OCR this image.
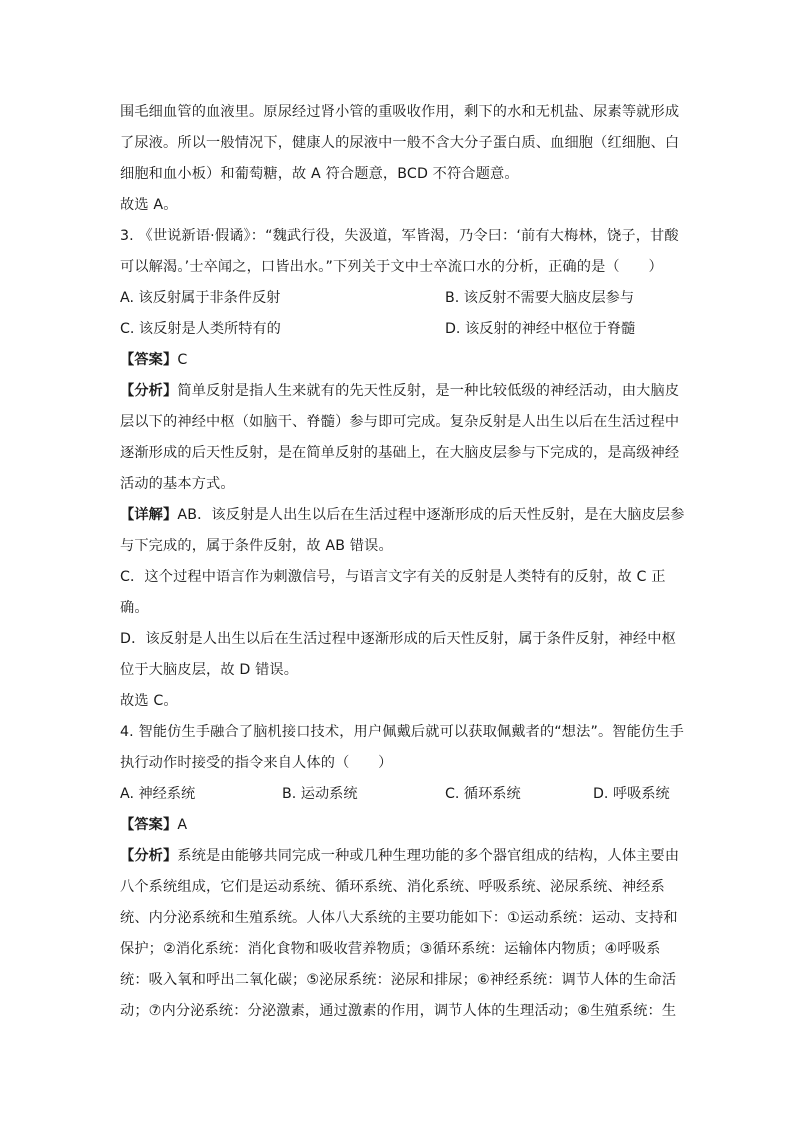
围毛细血管的血液里。原尿经过肾小管的重吸收作用，剩下的水和无机盐、尿素等就形成
了尿液。所以一般情况下，健康人的尿液中一般不含大分子蛋白质、血细胞（红细胞、白
细胞和血小板）和葡萄糖，故 A 符合题意，BCD 不符合题意。
故选 A。
3. 《世说新语·假谲》：“魏武行役，失汲道，军皆渴，乃令曰：‘前有大梅林，饶子，甘酸
可以解渴。’士卒闻之，口皆出水。”下列关于文中士卒流口水的分析，正确的是（　　）
A. 该反射属于非条件反射	B. 该反射不需要大脑皮层参与
C. 该反射是人类所特有的	D. 该反射的神经中枢位于脊髓
【答案】C
【分析】简单反射是指人生来就有的先天性反射，是一种比较低级的神经活动，由大脑皮
层以下的神经中枢（如脑干、脊髓）参与即可完成。复杂反射是人出生以后在生活过程中
逐渐形成的后天性反射，是在简单反射的基础上，在大脑皮层参与下完成的，是高级神经
活动的基本方式。
【详解】AB．该反射是人出生以后在生活过程中逐渐形成的后天性反射，是在大脑皮层参
与下完成的，属于条件反射，故 AB 错误。
C．这个过程中语言作为刺激信号，与语言文字有关的反射是人类特有的反射，故 C 正
确。
D．该反射是人出生以后在生活过程中逐渐形成的后天性反射，属于条件反射，神经中枢
位于大脑皮层，故 D 错误。
故选 C。
4. 智能仿生手融合了脑机接口技术，用户佩戴后就可以获取佩戴者的“想法”。智能仿生手
执行动作时接受的指令来自人体的（　　）
A. 神经系统	B. 运动系统	C. 循环系统	D. 呼吸系统
【答案】A
【分析】系统是由能够共同完成一种或几种生理功能的多个器官组成的结构，人体主要由
八个系统组成，它们是运动系统、循环系统、消化系统、呼吸系统、泌尿系统、神经系
统、内分泌系统和生殖系统。人体八大系统的主要功能如下：①运动系统：运动、支持和
保护；②消化系统：消化食物和吸收营养物质；③循环系统：运输体内物质；④呼吸系
统：吸入氧和呼出二氧化碳；⑤泌尿系统：泌尿和排尿；⑥神经系统：调节人体的生命活
动；⑦内分泌系统：分泌激素，通过激素的作用，调节人体的生理活动；⑧生殖系统：生
